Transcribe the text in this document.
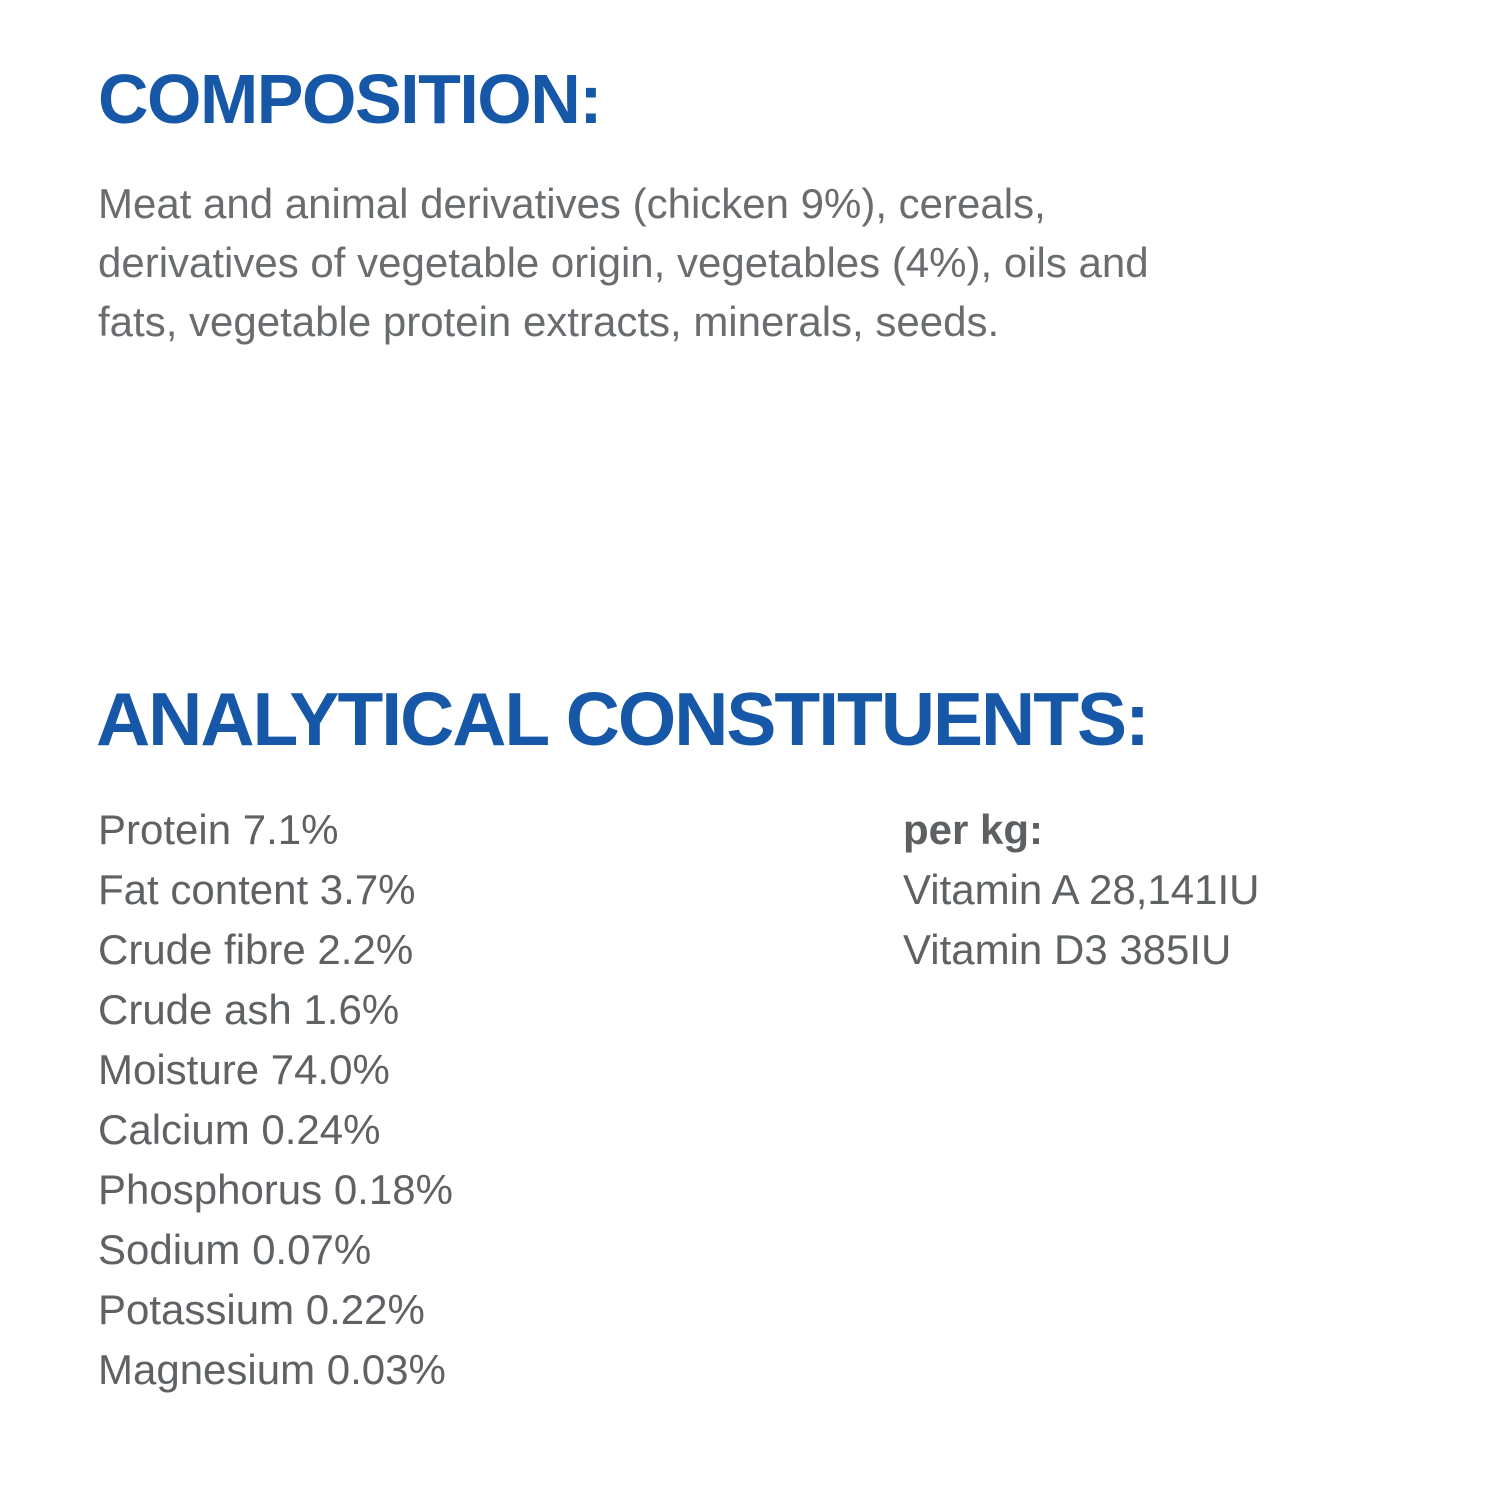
COMPOSITION:

Meat and animal derivatives (chicken 9%), cereals,
derivatives of vegetable origin, vegetables (4%), oils and
fats, vegetable protein extracts, minerals, seeds.

ANALYTICAL CONSTITUENTS:
Protein 7.1%
Fat content 3.7%
Crude fibre 2.2%
Crude ash 1.6%
Moisture 74.0%
Calcium 0.24%
Phosphorus 0.18%
Sodium 0.07%
Potassium 0.22%
Magnesium 0.03%
per kg:
Vitamin A 28,141IU
Vitamin D3 385IU
